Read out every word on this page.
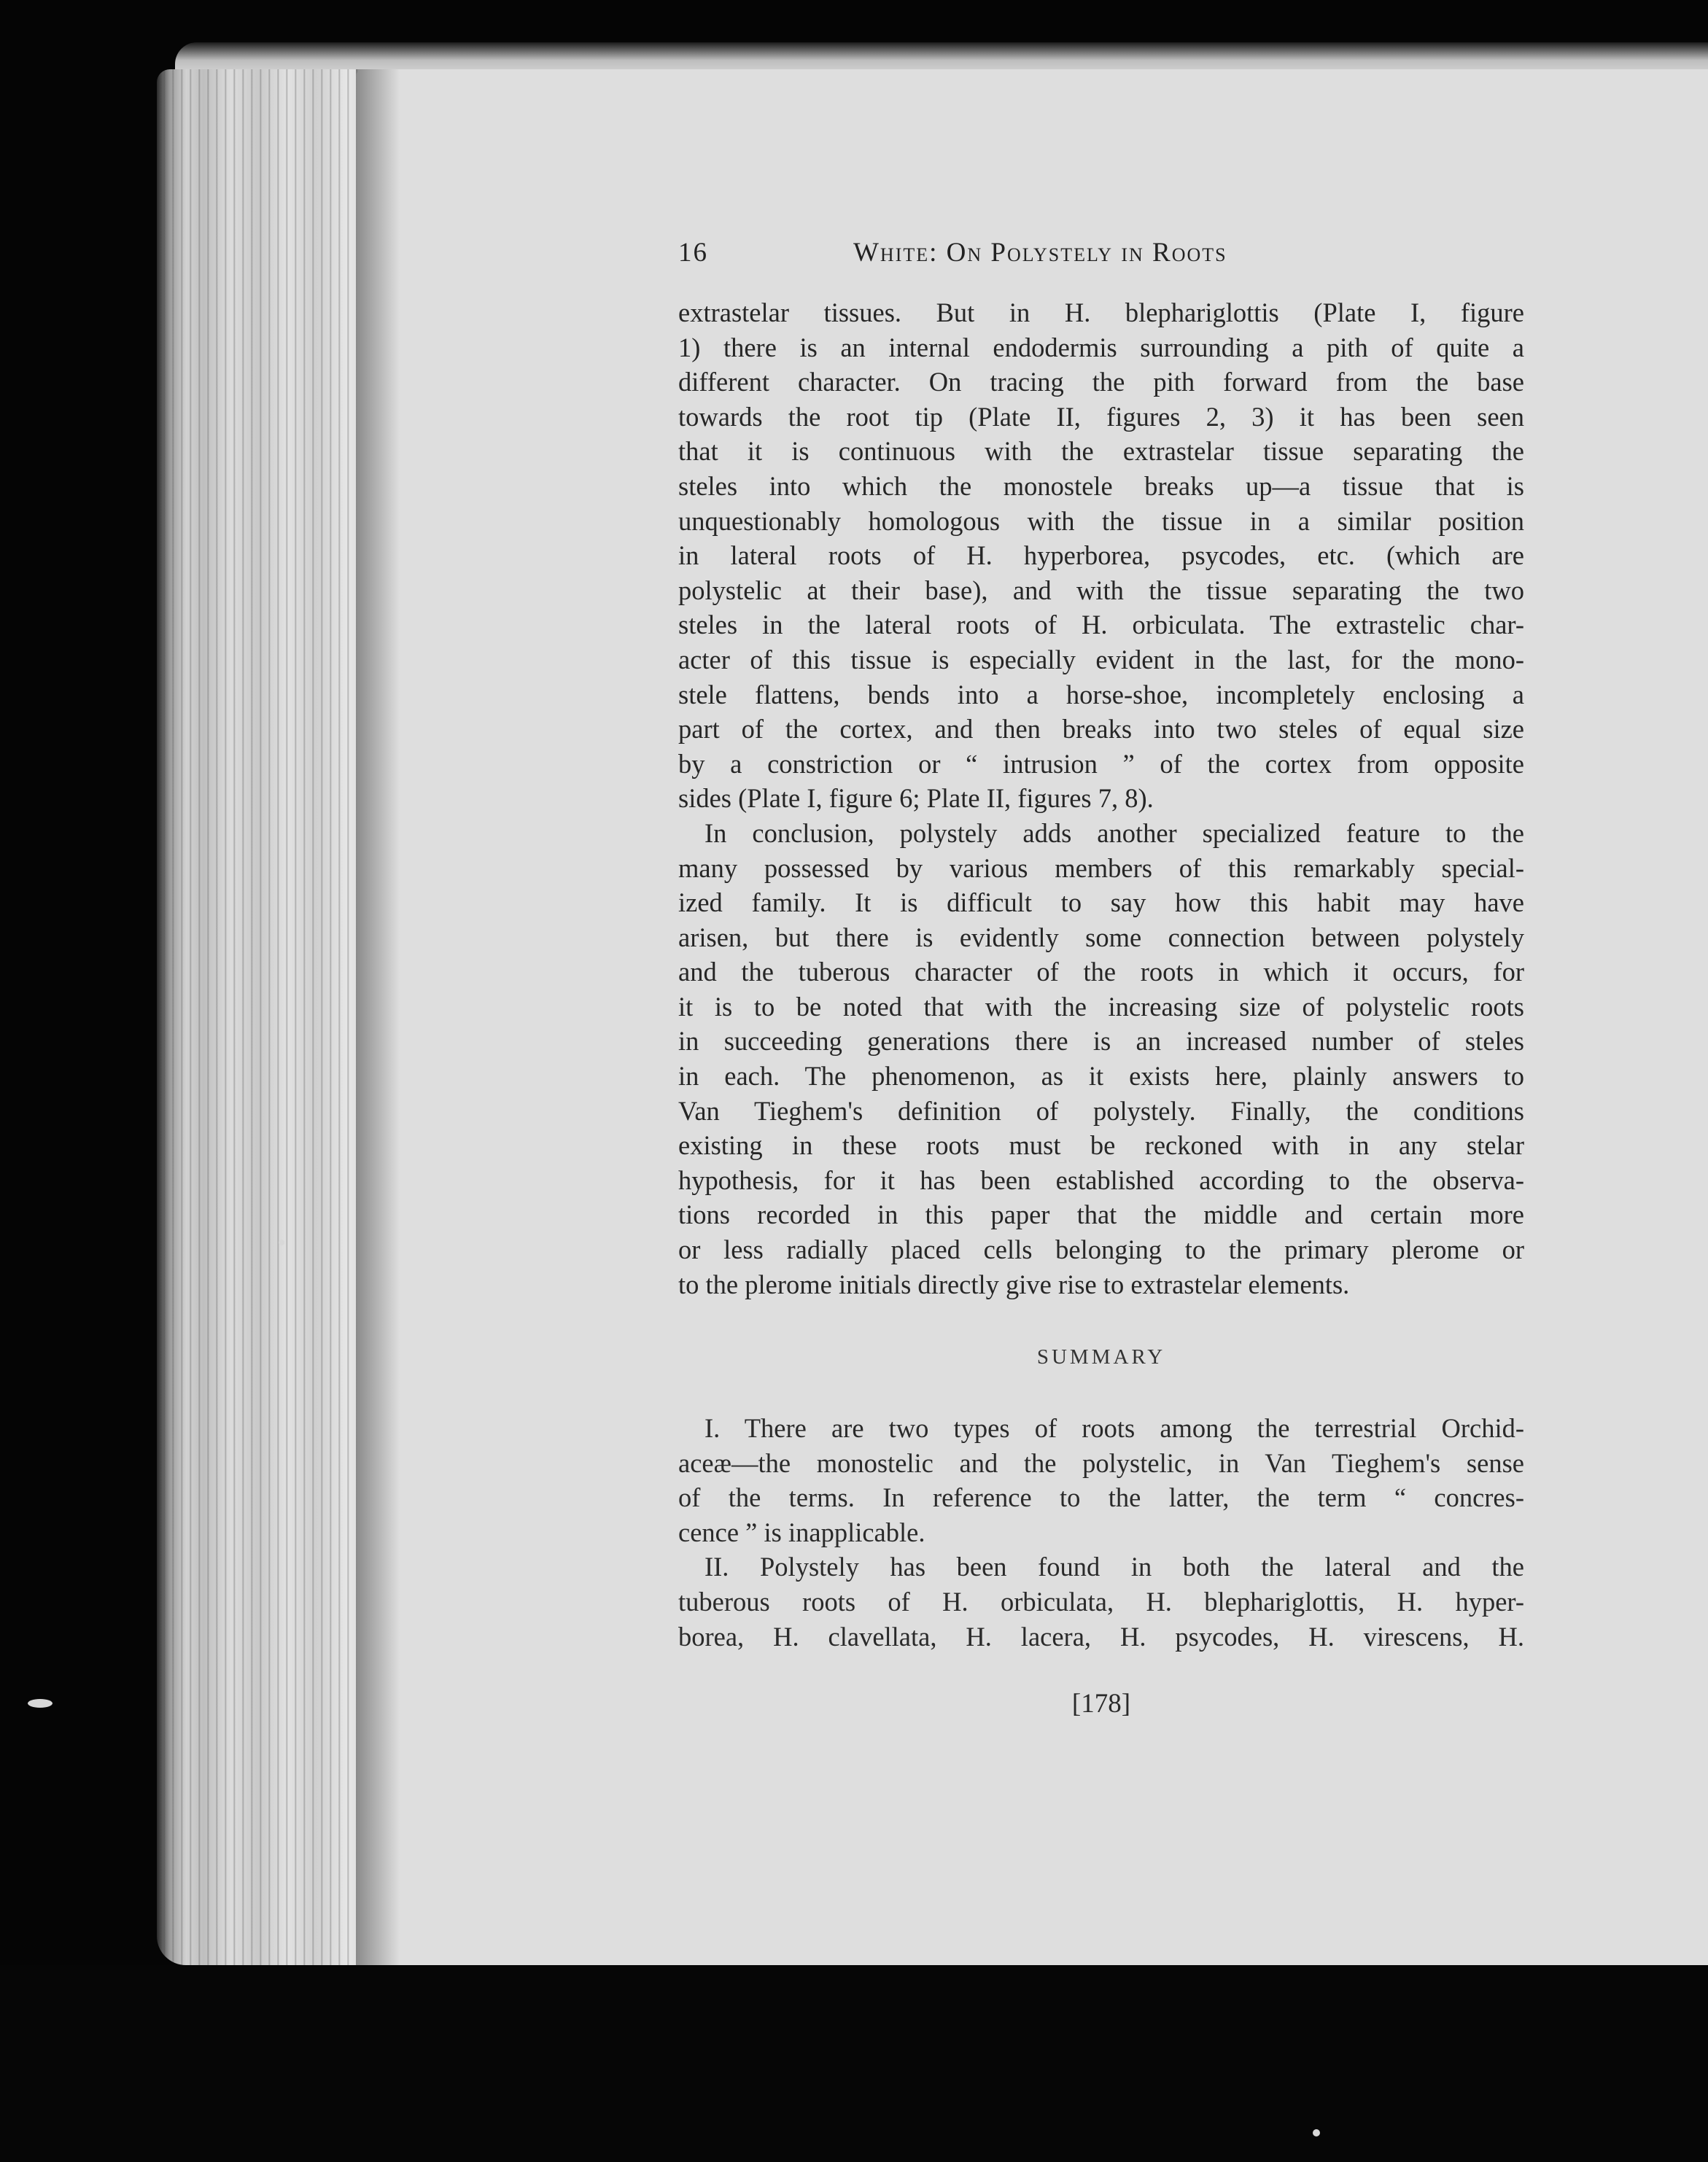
16	White: On Polystely in Roots
extrastelar tissues. But in H. blephariglottis (Plate I, figure
1) there is an internal endodermis surrounding a pith of quite a
different character. On tracing the pith forward from the base
towards the root tip (Plate II, figures 2, 3) it has been seen
that it is continuous with the extrastelar tissue separating the
steles into which the monostele breaks up—a tissue that is
unquestionably homologous with the tissue in a similar position
in lateral roots of H. hyperborea, psycodes, etc. (which are
polystelic at their base), and with the tissue separating the two
steles in the lateral roots of H. orbiculata. The extrastelic char-
acter of this tissue is especially evident in the last, for the mono-
stele flattens, bends into a horse-shoe, incompletely enclosing a
part of the cortex, and then breaks into two steles of equal size
by a constriction or “ intrusion ” of the cortex from opposite
sides (Plate I, figure 6; Plate II, figures 7, 8).
In conclusion, polystely adds another specialized feature to the
many possessed by various members of this remarkably special-
ized family. It is difficult to say how this habit may have
arisen, but there is evidently some connection between polystely
and the tuberous character of the roots in which it occurs, for
it is to be noted that with the increasing size of polystelic roots
in succeeding generations there is an increased number of steles
in each. The phenomenon, as it exists here, plainly answers to
Van Tieghem's definition of polystely. Finally, the conditions
existing in these roots must be reckoned with in any stelar
hypothesis, for it has been established according to the observa-
tions recorded in this paper that the middle and certain more
or less radially placed cells belonging to the primary plerome or
to the plerome initials directly give rise to extrastelar elements.
SUMMARY
I. There are two types of roots among the terrestrial Orchid-
aceæ—the monostelic and the polystelic, in Van Tieghem's sense
of the terms. In reference to the latter, the term “ concres-
cence ” is inapplicable.
II. Polystely has been found in both the lateral and the
tuberous roots of H. orbiculata, H. blephariglottis, H. hyper-
borea, H. clavellata, H. lacera, H. psycodes, H. virescens, H.
[178]
